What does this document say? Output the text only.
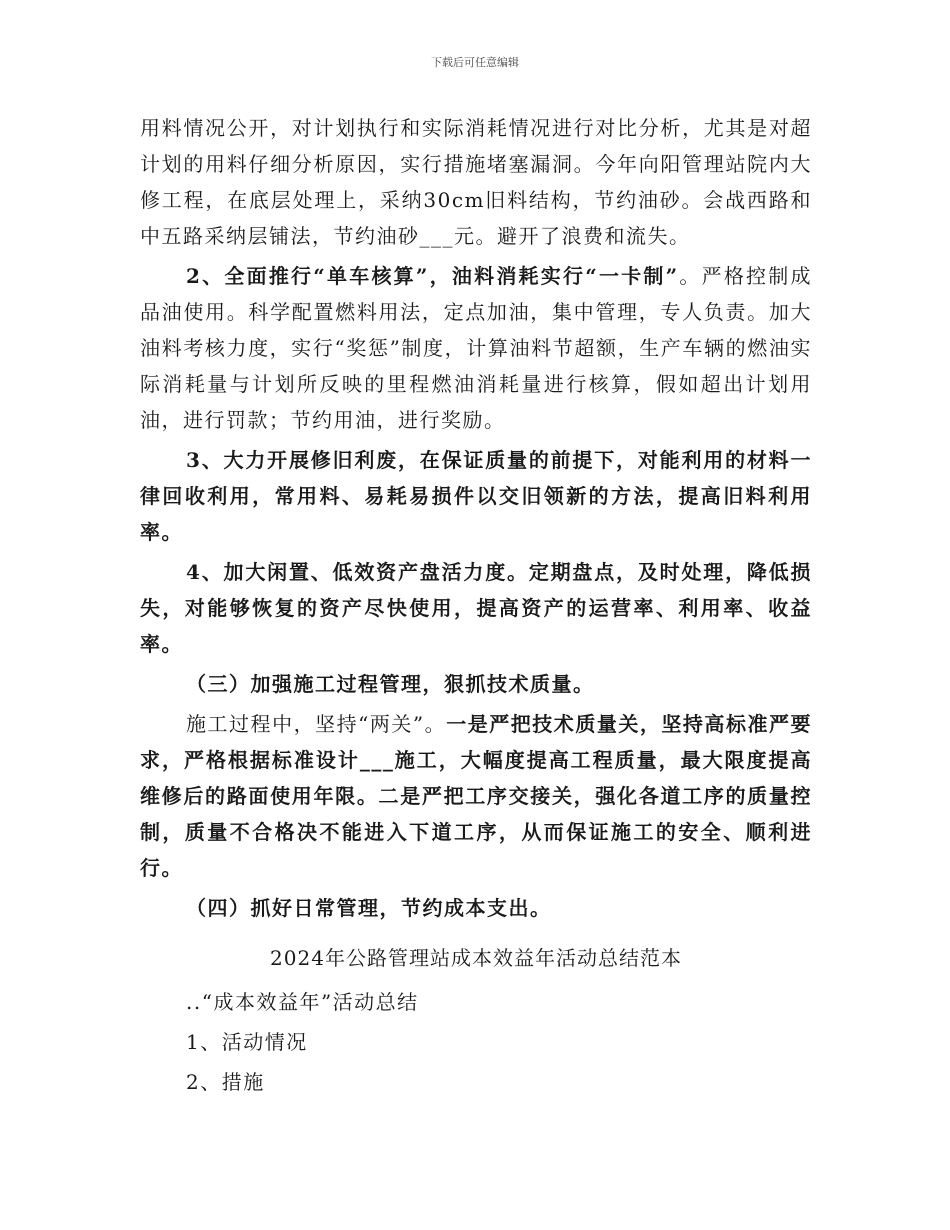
下载后可任意编辑

用料情况公开，对计划执行和实际消耗情况进行对比分析，尤其是对超计划的用料仔细分析原因，实行措施堵塞漏洞。今年向阳管理站院内大修工程，在底层处理上，采纳30cm旧料结构，节约油砂。会战西路和中五路采纳层铺法，节约油砂___元。避开了浪费和流失。

2、全面推行“单车核算”，油料消耗实行“一卡制”。严格控制成品油使用。科学配置燃料用法，定点加油，集中管理，专人负责。加大油料考核力度，实行“奖惩”制度，计算油料节超额，生产车辆的燃油实际消耗量与计划所反映的里程燃油消耗量进行核算，假如超出计划用油，进行罚款；节约用油，进行奖励。

3、大力开展修旧利废，在保证质量的前提下，对能利用的材料一律回收利用，常用料、易耗易损件以交旧领新的方法，提高旧料利用率。

4、加大闲置、低效资产盘活力度。定期盘点，及时处理，降低损失，对能够恢复的资产尽快使用，提高资产的运营率、利用率、收益率。

（三）加强施工过程管理，狠抓技术质量。

施工过程中，坚持“两关”。一是严把技术质量关，坚持高标准严要求，严格根据标准设计___施工，大幅度提高工程质量，最大限度提高维修后的路面使用年限。二是严把工序交接关，强化各道工序的质量控制，质量不合格决不能进入下道工序，从而保证施工的安全、顺利进行。

（四）抓好日常管理，节约成本支出。

2024年公路管理站成本效益年活动总结范本

..“成本效益年”活动总结

1、活动情况

2、措施
